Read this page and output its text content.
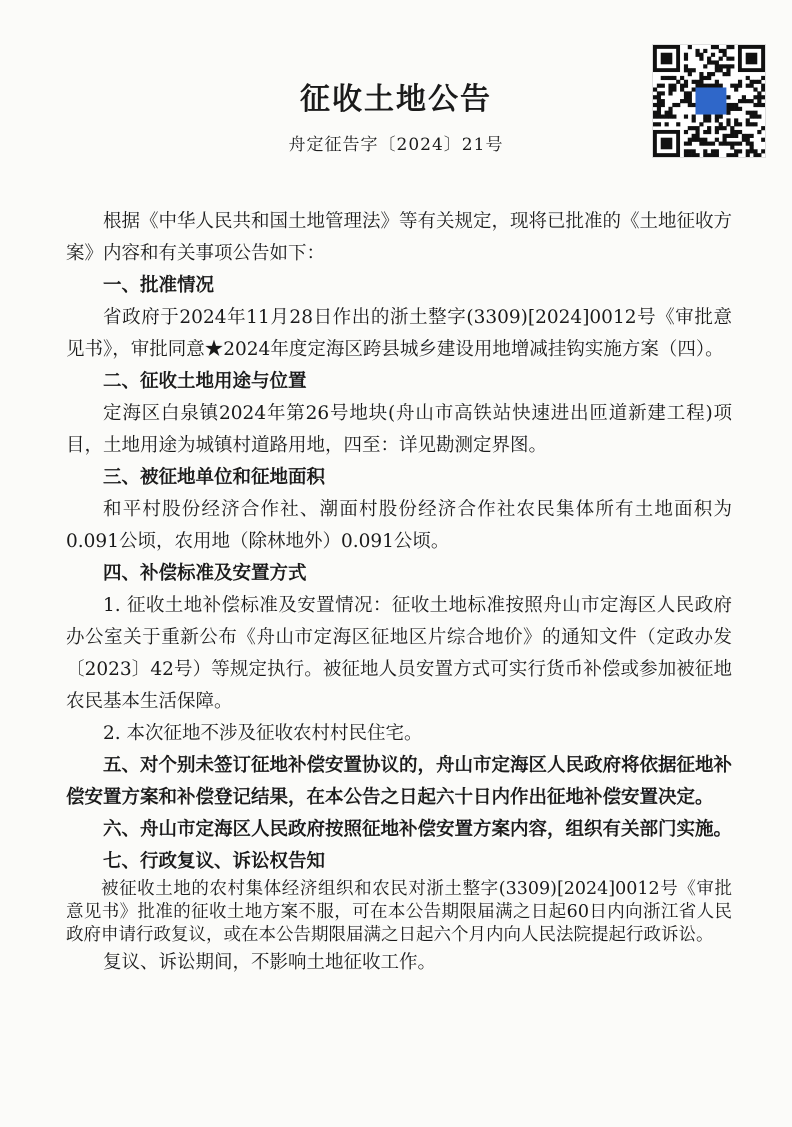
征收土地公告
舟定征告字〔2024〕21号

根据《中华人民共和国土地管理法》等有关规定，现将已批准的《土地征收方案》内容和有关事项公告如下：

一、批准情况

省政府于2024年11月28日作出的浙土整字(3309)[2024]0012号《审批意见书》，审批同意★2024年度定海区跨县城乡建设用地增减挂钩实施方案（四）。

二、征收土地用途与位置

定海区白泉镇2024年第26号地块(舟山市高铁站快速进出匝道新建工程)项目，土地用途为城镇村道路用地，四至：详见勘测定界图。

三、被征地单位和征地面积

和平村股份经济合作社、潮面村股份经济合作社农民集体所有土地面积为0.091公顷，农用地（除林地外）0.091公顷。

四、补偿标准及安置方式

1. 征收土地补偿标准及安置情况：征收土地标准按照舟山市定海区人民政府办公室关于重新公布《舟山市定海区征地区片综合地价》的通知文件（定政办发〔2023〕42号）等规定执行。被征地人员安置方式可实行货币补偿或参加被征地农民基本生活保障。

2. 本次征地不涉及征收农村村民住宅。

五、对个别未签订征地补偿安置协议的，舟山市定海区人民政府将依据征地补偿安置方案和补偿登记结果，在本公告之日起六十日内作出征地补偿安置决定。

六、舟山市定海区人民政府按照征地补偿安置方案内容，组织有关部门实施。

七、行政复议、诉讼权告知

被征收土地的农村集体经济组织和农民对浙土整字(3309)[2024]0012号《审批意见书》批准的征收土地方案不服，可在本公告期限届满之日起60日内向浙江省人民政府申请行政复议，或在本公告期限届满之日起六个月内向人民法院提起行政诉讼。

复议、诉讼期间，不影响土地征收工作。
